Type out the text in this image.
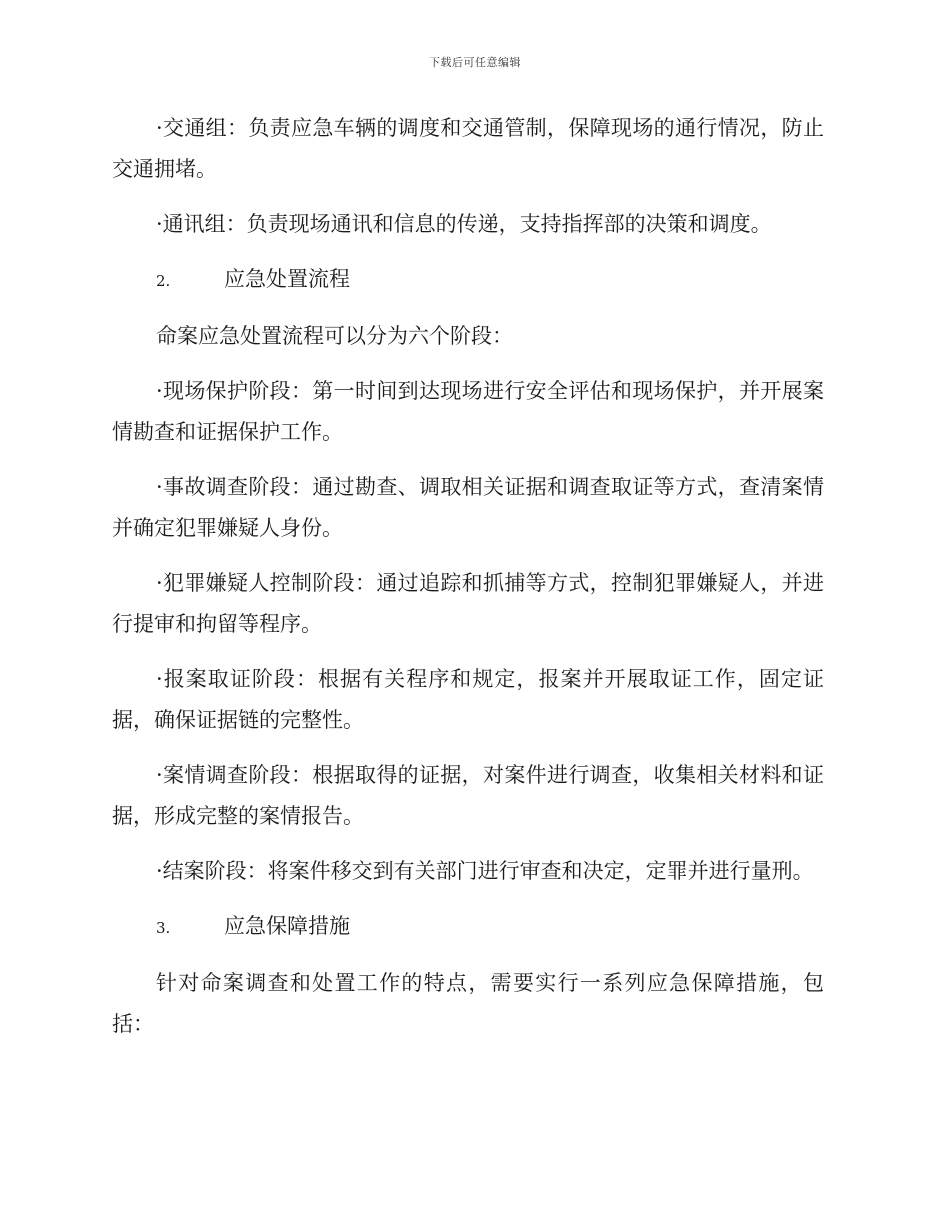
下载后可任意编辑

·交通组：负责应急车辆的调度和交通管制，保障现场的通行情况，防止交通拥堵。

·通讯组：负责现场通讯和信息的传递，支持指挥部的决策和调度。

2.	应急处置流程

命案应急处置流程可以分为六个阶段：

·现场保护阶段：第一时间到达现场进行安全评估和现场保护，并开展案情勘查和证据保护工作。

·事故调查阶段：通过勘查、调取相关证据和调查取证等方式，查清案情并确定犯罪嫌疑人身份。

·犯罪嫌疑人控制阶段：通过追踪和抓捕等方式，控制犯罪嫌疑人，并进行提审和拘留等程序。

·报案取证阶段：根据有关程序和规定，报案并开展取证工作，固定证据，确保证据链的完整性。

·案情调查阶段：根据取得的证据，对案件进行调查，收集相关材料和证据，形成完整的案情报告。

·结案阶段：将案件移交到有关部门进行审查和决定，定罪并进行量刑。

3.	应急保障措施

针对命案调查和处置工作的特点，需要实行一系列应急保障措施，包括：
